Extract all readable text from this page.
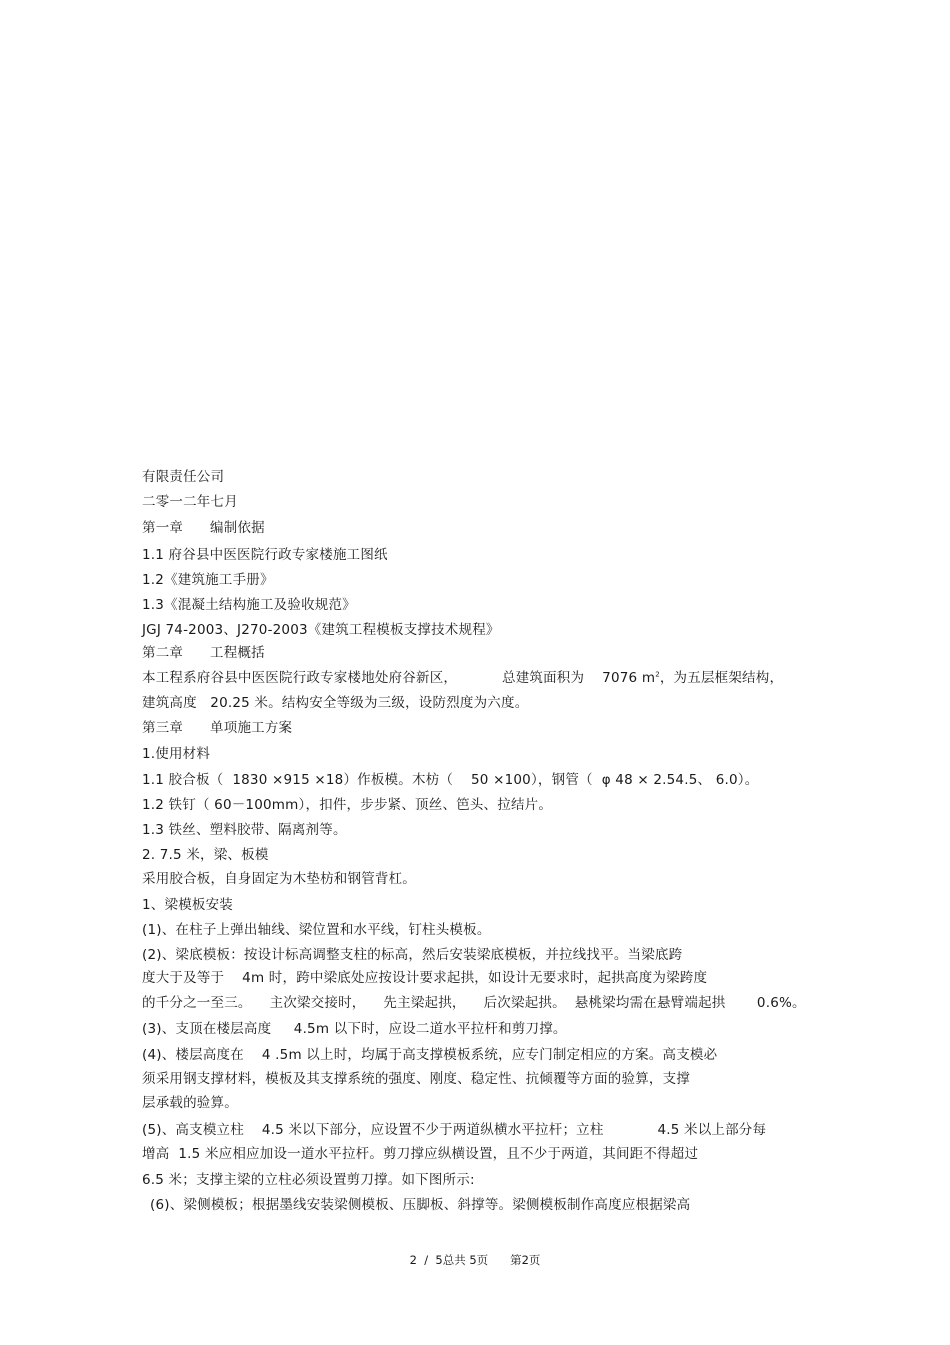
有限责任公司
二零一二年七月
第一章      编制依据
1.1 府谷县中医医院行政专家楼施工图纸
1.2《建筑施工手册》
1.3《混凝土结构施工及验收规范》
JGJ 74-2003、J270-2003《建筑工程模板支撑技术规程》
第二章      工程概括
本工程系府谷县中医医院行政专家楼地处府谷新区，          总建筑面积为    7076 $m^2$，为五层框架结构，
建筑高度   20.25 米。结构安全等级为三级，设防烈度为六度。
第三章      单项施工方案
1.使用材料
1.1 胶合板（  1830 ×915 ×18）作板模。木枋（    50 ×100），钢管（  φ 48 × 2.54.5、 6.0）。
1.2 铁钉（ 60－100mm），扣件，步步紧、顶丝、笆头、拉结片。
1.3 铁丝、塑料胶带、隔离剂等。
2. 7.5 米，梁、板模
采用胶合板，自身固定为木垫枋和钢管背杠。
1、梁模板安装
(1)、在柱子上弹出轴线、梁位置和水平线，钉柱头模板。
(2)、梁底模板：按设计标高调整支柱的标高，然后安装梁底模板，并拉线找平。当梁底跨
度大于及等于    4m 时，跨中梁底处应按设计要求起拱，如设计无要求时，起拱高度为梁跨度
的千分之一至三。    主次梁交接时，    先主梁起拱，    后次梁起拱。  悬桃梁均需在悬臂端起拱       0.6%。
(3)、支顶在楼层高度     4.5m 以下时，应设二道水平拉杆和剪刀撑。
(4)、楼层高度在    4 .5m 以上时，均属于高支撑模板系统，应专门制定相应的方案。高支模必
须采用钢支撑材料，模板及其支撑系统的强度、刚度、稳定性、抗倾覆等方面的验算，支撑
层承载的验算。
(5)、高支模立柱    4.5 米以下部分，应设置不少于两道纵横水平拉杆；立柱            4.5 米以上部分每
增高  1.5 米应相应加设一道水平拉杆。剪刀撑应纵横设置，且不少于两道，其间距不得超过
6.5 米；支撑主梁的立柱必须设置剪刀撑。如下图所示:
(6)、梁侧模板；根据墨线安装梁侧模板、压脚板、斜撑等。梁侧模板制作高度应根据梁高
2  /  5总共 5页      第2页
